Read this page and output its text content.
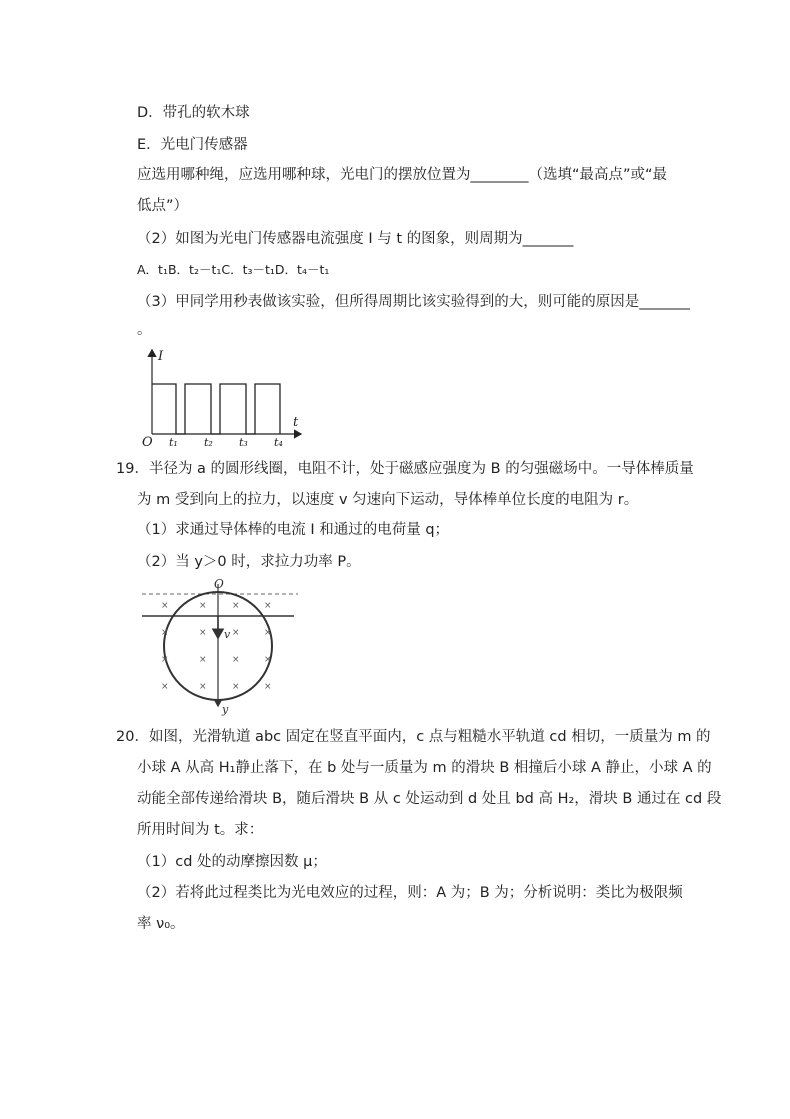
D．带孔的软木球
E．光电门传感器
应选用哪种绳，应选用哪种球，光电门的摆放位置为________（选填“最高点”或“最
低点”）
（2）如图为光电门传感器电流强度 I 与 t 的图象，则周期为_______
A．t₁B．t₂－t₁C．t₃－t₁D．t₄－t₁
（3）甲同学用秒表做该实验，但所得周期比该实验得到的大，则可能的原因是_______
。
I
t
O t₁ t₂ t₃ t₄
19．半径为 a 的圆形线圈，电阻不计，处于磁感应强度为 B 的匀强磁场中。一导体棒质量
为 m 受到向上的拉力，以速度 v 匀速向下运动，导体棒单位长度的电阻为 r。
（1）求通过导体棒的电流 I 和通过的电荷量 q；
（2）当 y＞0 时，求拉力功率 P。
O
v
y
×	×	×	×
×	×	×	×
×	×	×	×
×	×	×	×
20．如图，光滑轨道 abc 固定在竖直平面内，c 点与粗糙水平轨道 cd 相切，一质量为 m 的
小球 A 从高 H₁静止落下，在 b 处与一质量为 m 的滑块 B 相撞后小球 A 静止，小球 A 的
动能全部传递给滑块 B，随后滑块 B 从 c 处运动到 d 处且 bd 高 H₂，滑块 B 通过在 cd 段
所用时间为 t。求：
（1）cd 处的动摩擦因数 μ；
（2）若将此过程类比为光电效应的过程，则：A 为；B 为；分析说明：类比为极限频
率 ν₀。
